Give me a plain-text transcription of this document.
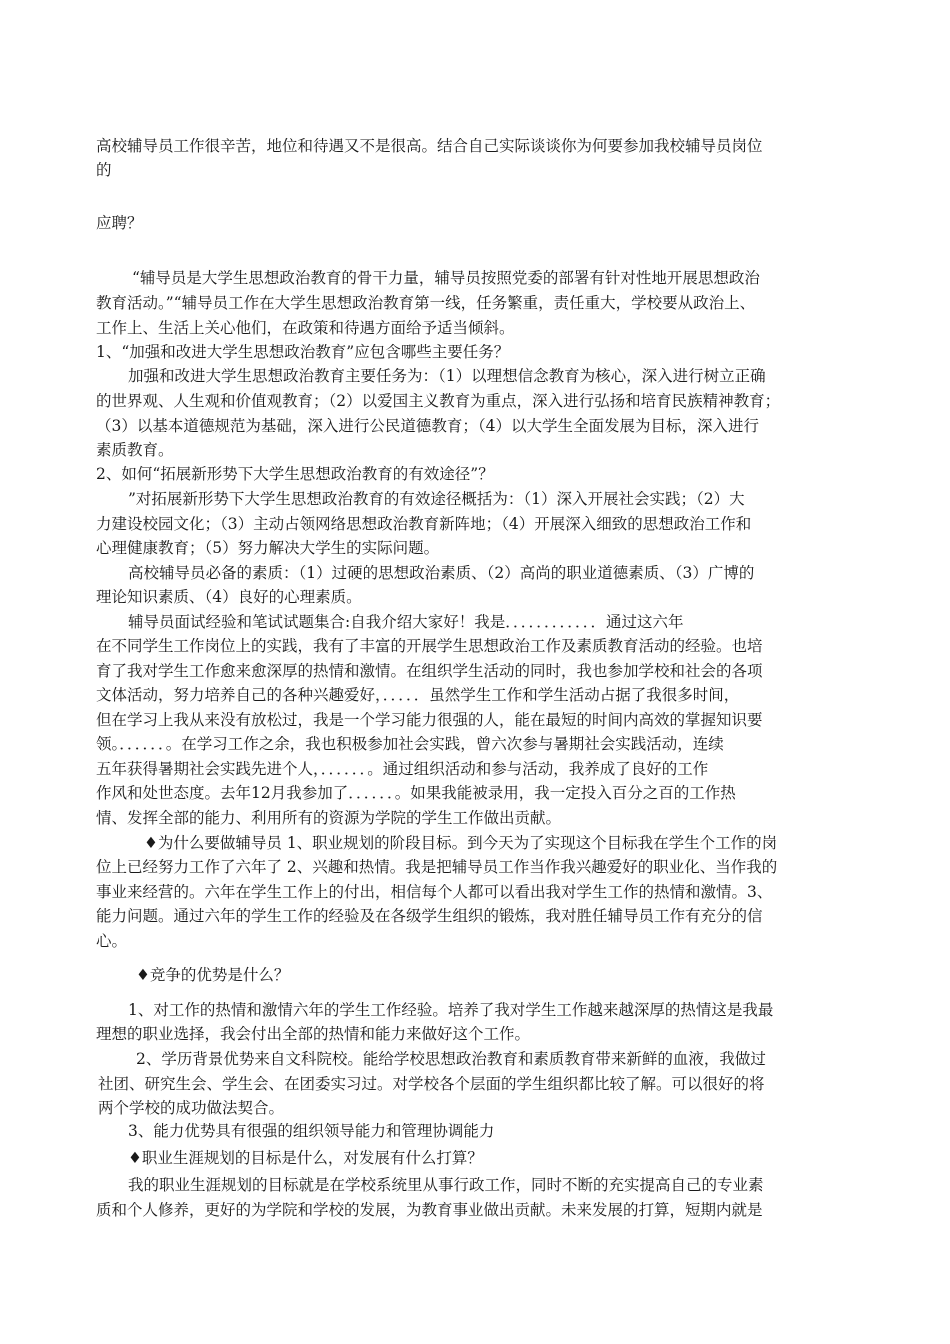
高校辅导员工作很辛苦，地位和待遇又不是很高。结合自己实际谈谈你为何要参加我校辅导员岗位
的
应聘？
“辅导员是大学生思想政治教育的骨干力量，辅导员按照党委的部署有针对性地开展思想政治
教育活动。”“辅导员工作在大学生思想政治教育第一线，任务繁重，责任重大，学校要从政治上、
工作上、生活上关心他们，在政策和待遇方面给予适当倾斜。
1、“加强和改进大学生思想政治教育”应包含哪些主要任务？
加强和改进大学生思想政治教育主要任务为：（1）以理想信念教育为核心，深入进行树立正确
的世界观、人生观和价值观教育；（2）以爱国主义教育为重点，深入进行弘扬和培育民族精神教育；
（3）以基本道德规范为基础，深入进行公民道德教育；（4）以大学生全面发展为目标，深入进行
素质教育。
2、如何“拓展新形势下大学生思想政治教育的有效途径”？
”对拓展新形势下大学生思想政治教育的有效途径概括为：（1）深入开展社会实践；（2）大
力建设校园文化；（3）主动占领网络思想政治教育新阵地；（4）开展深入细致的思想政治工作和
心理健康教育；（5）努力解决大学生的实际问题。
高校辅导员必备的素质：（1）过硬的思想政治素质、（2）高尚的职业道德素质、（3）广博的
理论知识素质、（4）良好的心理素质。
辅导员面试经验和笔试试题集合:自我介绍大家好！我是．．．．．．．．．．．．通过这六年
在不同学生工作岗位上的实践，我有了丰富的开展学生思想政治工作及素质教育活动的经验。也培
育了我对学生工作愈来愈深厚的热情和激情。在组织学生活动的同时，我也参加学校和社会的各项
文体活动，努力培养自己的各种兴趣爱好，．．．．．虽然学生工作和学生活动占据了我很多时间，
但在学习上我从来没有放松过，我是一个学习能力很强的人，能在最短的时间内高效的掌握知识要
领。．．．．．．。在学习工作之余，我也积极参加社会实践，曾六次参与暑期社会实践活动，连续
五年获得暑期社会实践先进个人，．．．．．．。通过组织活动和参与活动，我养成了良好的工作
作风和处世态度。去年12月我参加了．．．．．．。如果我能被录用，我一定投入百分之百的工作热
情、发挥全部的能力、利用所有的资源为学院的学生工作做出贡献。
♦为什么要做辅导员 1、职业规划的阶段目标。到今天为了实现这个目标我在学生个工作的岗
位上已经努力工作了六年了 2、兴趣和热情。我是把辅导员工作当作我兴趣爱好的职业化、当作我的
事业来经营的。六年在学生工作上的付出，相信每个人都可以看出我对学生工作的热情和激情。3、
能力问题。通过六年的学生工作的经验及在各级学生组织的锻炼，我对胜任辅导员工作有充分的信
心。
♦竞争的优势是什么？
1、对工作的热情和激情六年的学生工作经验。培养了我对学生工作越来越深厚的热情这是我最
理想的职业选择，我会付出全部的热情和能力来做好这个工作。
2、学历背景优势来自文科院校。能给学校思想政治教育和素质教育带来新鲜的血液，我做过
社团、研究生会、学生会、在团委实习过。对学校各个层面的学生组织都比较了解。可以很好的将
两个学校的成功做法契合。
3、能力优势具有很强的组织领导能力和管理协调能力
♦职业生涯规划的目标是什么，对发展有什么打算？
我的职业生涯规划的目标就是在学校系统里从事行政工作，同时不断的充实提高自己的专业素
质和个人修养，更好的为学院和学校的发展，为教育事业做出贡献。未来发展的打算，短期内就是
